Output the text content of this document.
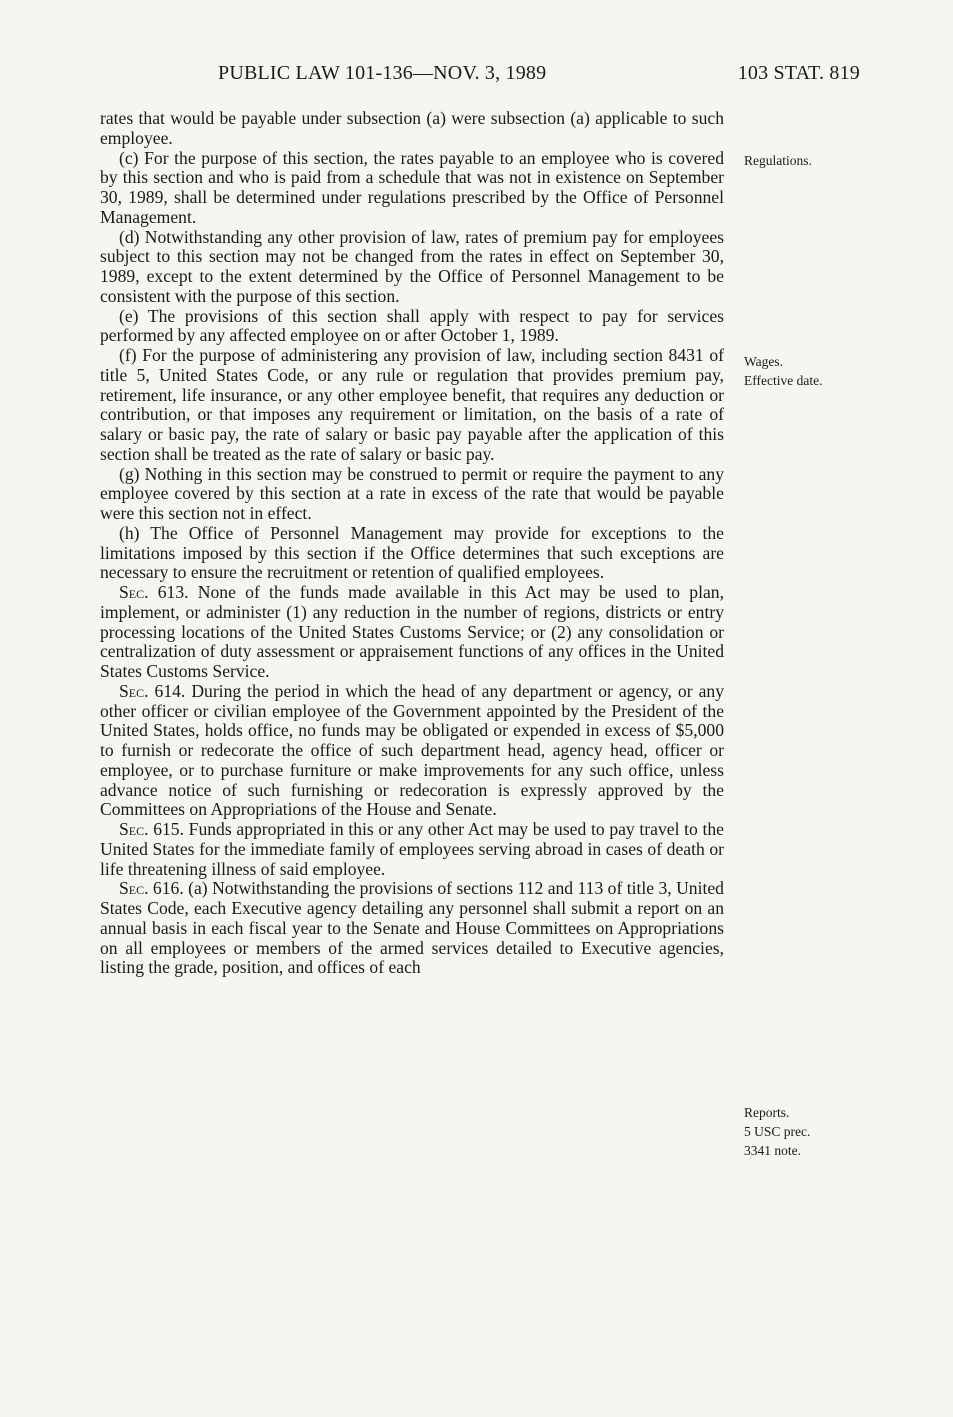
PUBLIC LAW 101-136—NOV. 3, 1989	103 STAT. 819

rates that would be payable under subsection (a) were subsection (a) applicable to such employee.

(c) For the purpose of this section, the rates payable to an employee who is covered by this section and who is paid from a schedule that was not in existence on September 30, 1989, shall be determined under regulations prescribed by the Office of Personnel Management.

(d) Notwithstanding any other provision of law, rates of premium pay for employees subject to this section may not be changed from the rates in effect on September 30, 1989, except to the extent determined by the Office of Personnel Management to be consistent with the purpose of this section.

(e) The provisions of this section shall apply with respect to pay for services performed by any affected employee on or after October 1, 1989.

(f) For the purpose of administering any provision of law, including section 8431 of title 5, United States Code, or any rule or regulation that provides premium pay, retirement, life insurance, or any other employee benefit, that requires any deduction or contribution, or that imposes any requirement or limitation, on the basis of a rate of salary or basic pay, the rate of salary or basic pay payable after the application of this section shall be treated as the rate of salary or basic pay.

(g) Nothing in this section may be construed to permit or require the payment to any employee covered by this section at a rate in excess of the rate that would be payable were this section not in effect.

(h) The Office of Personnel Management may provide for exceptions to the limitations imposed by this section if the Office determines that such exceptions are necessary to ensure the recruitment or retention of qualified employees.

Sec. 613. None of the funds made available in this Act may be used to plan, implement, or administer (1) any reduction in the number of regions, districts or entry processing locations of the United States Customs Service; or (2) any consolidation or centralization of duty assessment or appraisement functions of any offices in the United States Customs Service.

Sec. 614. During the period in which the head of any department or agency, or any other officer or civilian employee of the Government appointed by the President of the United States, holds office, no funds may be obligated or expended in excess of $5,000 to furnish or redecorate the office of such department head, agency head, officer or employee, or to purchase furniture or make improvements for any such office, unless advance notice of such furnishing or redecoration is expressly approved by the Committees on Appropriations of the House and Senate.

Sec. 615. Funds appropriated in this or any other Act may be used to pay travel to the United States for the immediate family of employees serving abroad in cases of death or life threatening illness of said employee.

Sec. 616. (a) Notwithstanding the provisions of sections 112 and 113 of title 3, United States Code, each Executive agency detailing any personnel shall submit a report on an annual basis in each fiscal year to the Senate and House Committees on Appropriations on all employees or members of the armed services detailed to Executive agencies, listing the grade, position, and offices of each

Regulations.
Wages.
Effective date.
Reports.
5 USC prec.
3341 note.
